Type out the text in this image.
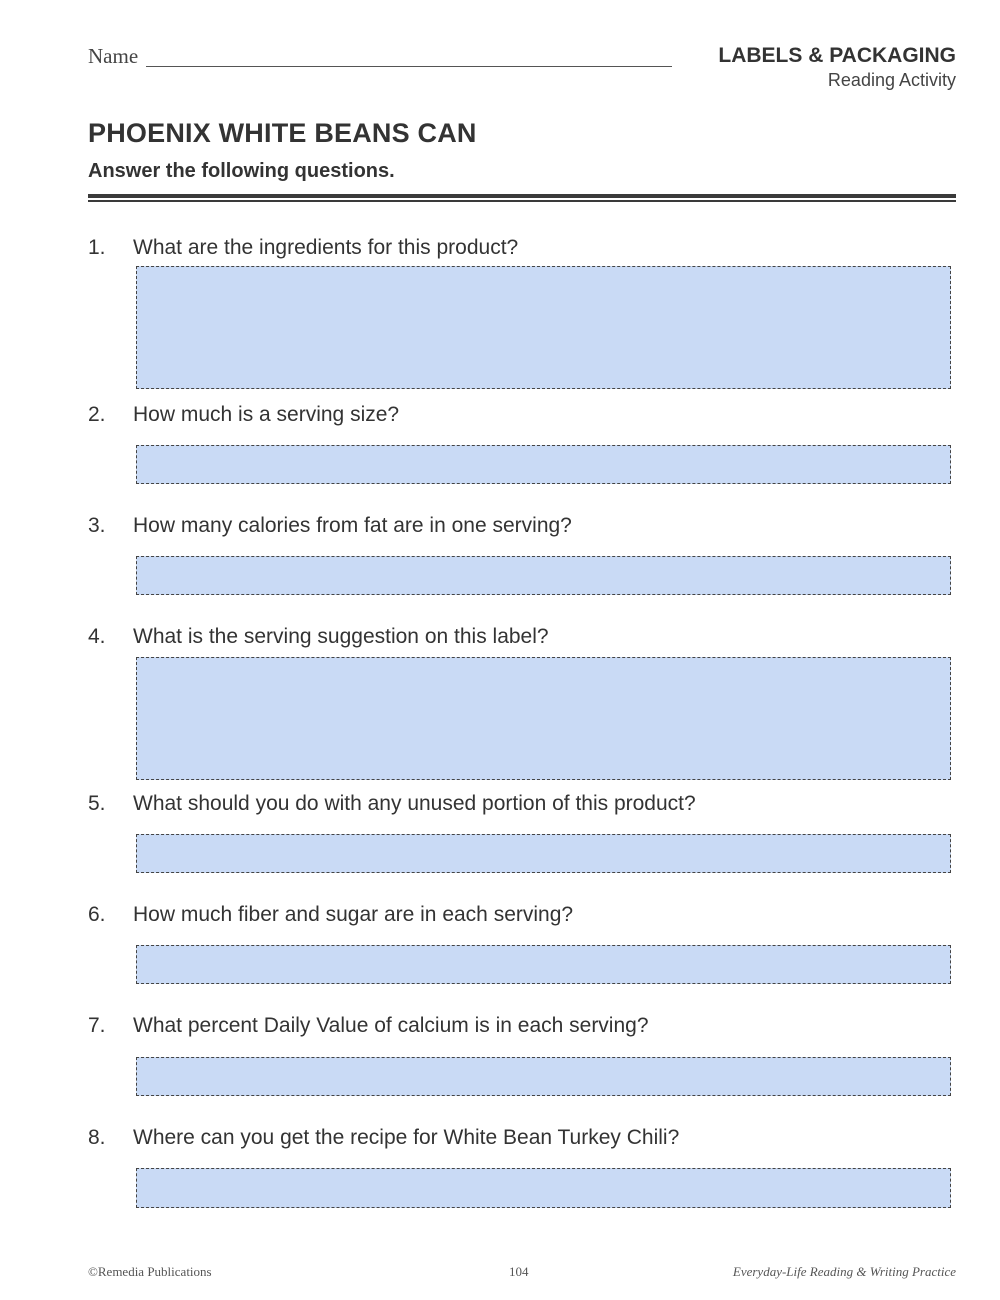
Name	LABELS & PACKAGING
Reading Activity
PHOENIX WHITE BEANS CAN
Answer the following questions.
1. What are the ingredients for this product?
2. How much is a serving size?
3. How many calories from fat are in one serving?
4. What is the serving suggestion on this label?
5. What should you do with any unused portion of this product?
6. How much fiber and sugar are in each serving?
7. What percent Daily Value of calcium is in each serving?
8. Where can you get the recipe for White Bean Turkey Chili?
©Remedia Publications	104	Everyday-Life Reading & Writing Practice
